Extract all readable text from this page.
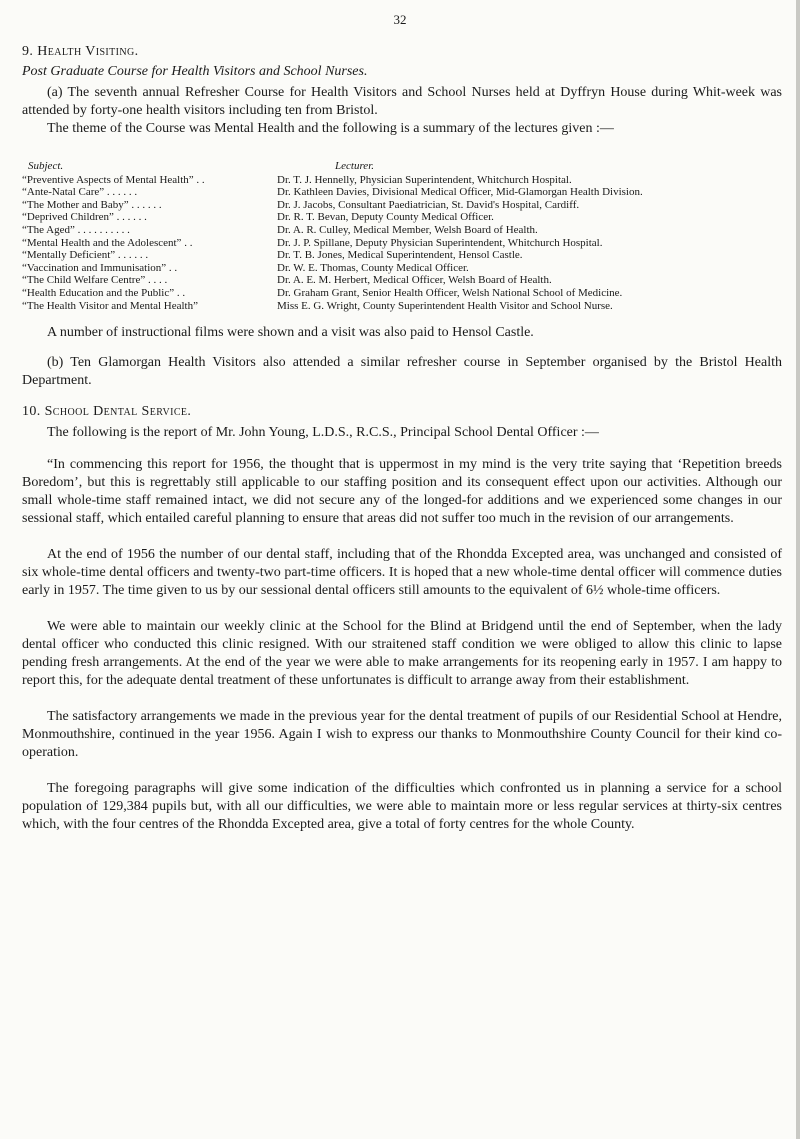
32
9. Health Visiting.
Post Graduate Course for Health Visitors and School Nurses.

(a) The seventh annual Refresher Course for Health Visitors and School Nurses held at Dyffryn House during Whit-week was attended by forty-one health visitors including ten from Bristol.

The theme of the Course was Mental Health and the following is a summary of the lectures given :—

Subject.	Lecturer.
“Preventive Aspects of Mental Health” . .	Dr. T. J. Hennelly, Physician Superintendent, Whitchurch Hospital.
“Ante-Natal Care” . . . . . .	Dr. Kathleen Davies, Divisional Medical Officer, Mid-Glamorgan Health Division.
“The Mother and Baby” . . . . . .	Dr. J. Jacobs, Consultant Paediatrician, St. David's Hospital, Cardiff.
“Deprived Children” . . . . . .	Dr. R. T. Bevan, Deputy County Medical Officer.
“The Aged” . . . . . . . . . .	Dr. A. R. Culley, Medical Member, Welsh Board of Health.
“Mental Health and the Adolescent” . .	Dr. J. P. Spillane, Deputy Physician Superintendent, Whitchurch Hospital.
“Mentally Deficient” . . . . . .	Dr. T. B. Jones, Medical Superintendent, Hensol Castle.
“Vaccination and Immunisation” . .	Dr. W. E. Thomas, County Medical Officer.
“The Child Welfare Centre” . . . .	Dr. A. E. M. Herbert, Medical Officer, Welsh Board of Health.
“Health Education and the Public” . .	Dr. Graham Grant, Senior Health Officer, Welsh National School of Medicine.
“The Health Visitor and Mental Health”	Miss E. G. Wright, County Superintendent Health Visitor and School Nurse.

A number of instructional films were shown and a visit was also paid to Hensol Castle.

(b) Ten Glamorgan Health Visitors also attended a similar refresher course in September organised by the Bristol Health Department.

10. School Dental Service.

The following is the report of Mr. John Young, L.D.S., R.C.S., Principal School Dental Officer :—

“In commencing this report for 1956, the thought that is uppermost in my mind is the very trite saying that ‘Repetition breeds Boredom’, but this is regrettably still applicable to our staffing position and its consequent effect upon our activities. Although our small whole-time staff remained intact, we did not secure any of the longed-for additions and we experienced some changes in our sessional staff, which entailed careful planning to ensure that areas did not suffer too much in the revision of our arrangements.

At the end of 1956 the number of our dental staff, including that of the Rhondda Excepted area, was unchanged and consisted of six whole-time dental officers and twenty-two part-time officers. It is hoped that a new whole-time dental officer will commence duties early in 1957. The time given to us by our sessional dental officers still amounts to the equivalent of 6½ whole-time officers.

We were able to maintain our weekly clinic at the School for the Blind at Bridgend until the end of September, when the lady dental officer who conducted this clinic resigned. With our straitened staff condition we were obliged to allow this clinic to lapse pending fresh arrangements. At the end of the year we were able to make arrangements for its reopening early in 1957. I am happy to report this, for the adequate dental treatment of these unfortunates is difficult to arrange away from their establishment.

The satisfactory arrangements we made in the previous year for the dental treatment of pupils of our Residential School at Hendre, Monmouthshire, continued in the year 1956. Again I wish to express our thanks to Monmouthshire County Council for their kind co-operation.

The foregoing paragraphs will give some indication of the difficulties which confronted us in planning a service for a school population of 129,384 pupils but, with all our difficulties, we were able to maintain more or less regular services at thirty-six centres which, with the four centres of the Rhondda Excepted area, give a total of forty centres for the whole County.
